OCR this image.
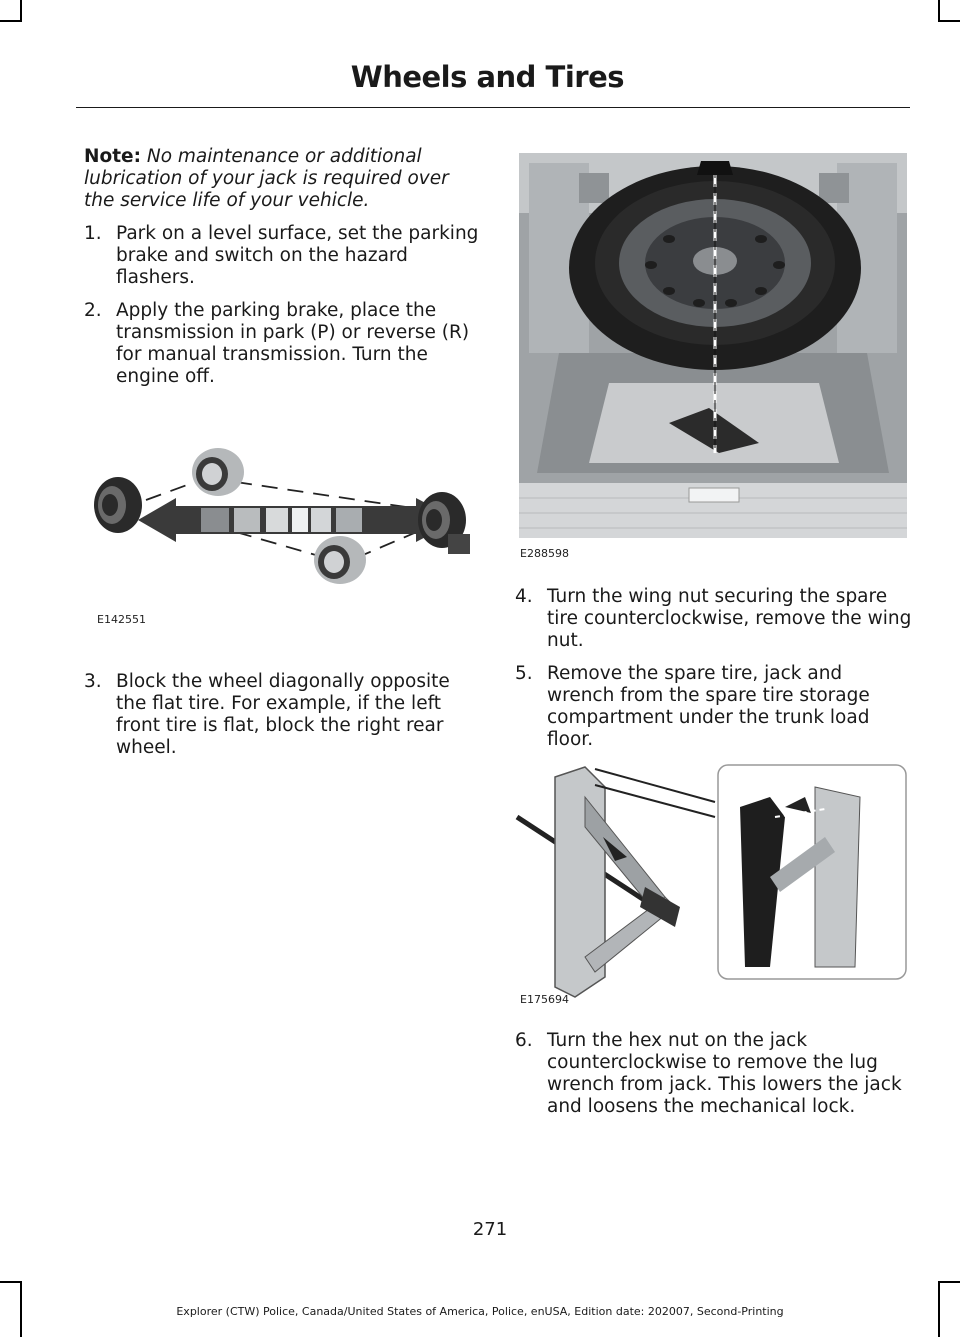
Wheels and Tires

Note: No maintenance or additional lubrication of your jack is required over the service life of your vehicle.

1. Park on a level surface, set the parking brake and switch on the hazard flashers.
2. Apply the parking brake, place the transmission in park (P) or reverse (R) for manual transmission. Turn the engine off.
E142551
3. Block the wheel diagonally opposite the flat tire. For example, if the left front tire is flat, block the right rear wheel.
E288598
4. Turn the wing nut securing the spare tire counterclockwise, remove the wing nut.
5. Remove the spare tire, jack and wrench from the spare tire storage compartment under the trunk load floor.
E175694
6. Turn the hex nut on the jack counterclockwise to remove the lug wrench from jack. This lowers the jack and loosens the mechanical lock.
271
Explorer (CTW) Police, Canada/United States of America, Police, enUSA, Edition date: 202007, Second-Printing
